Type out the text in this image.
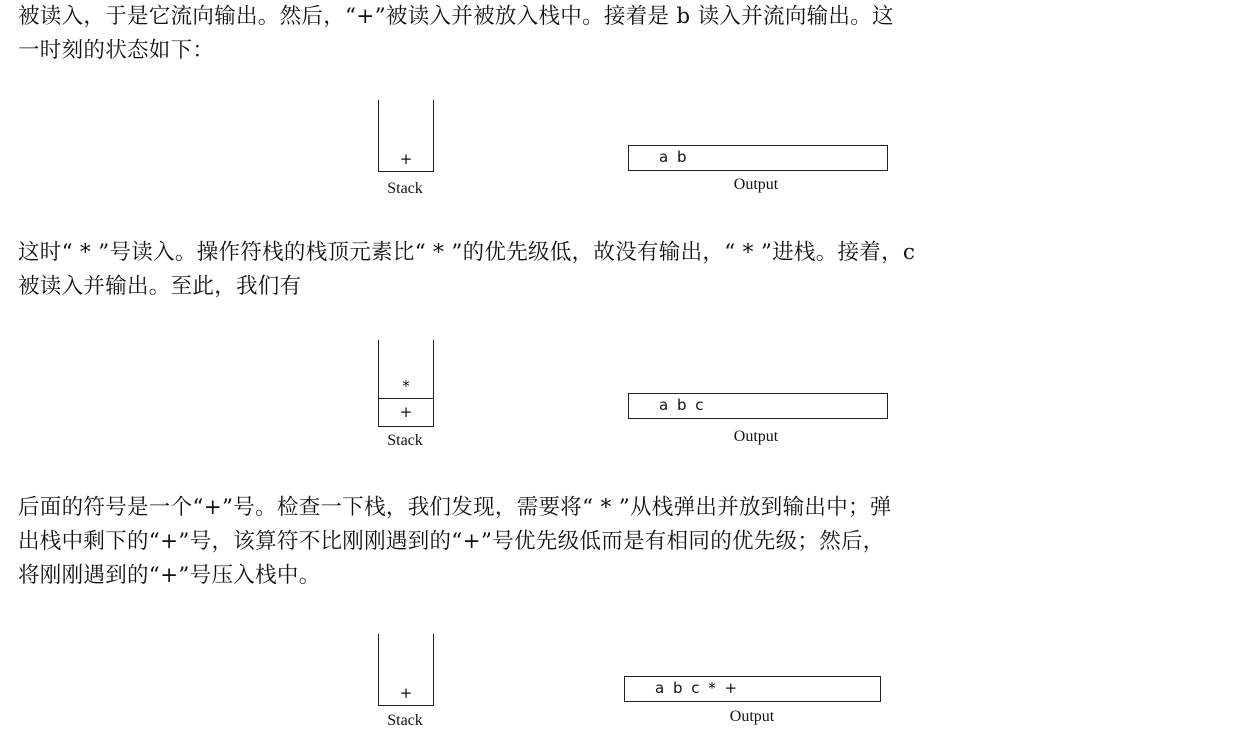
被读入，于是它流向输出。然后，“+”被读入并被放入栈中。接着是 b 读入并流向输出。这
一时刻的状态如下：
+
Stack
a b
Output
这时“ * ”号读入。操作符栈的栈顶元素比“ * ”的优先级低，故没有输出，“ * ”进栈。接着，c
被读入并输出。至此，我们有
*
+
Stack
a b c
Output
后面的符号是一个“+”号。检查一下栈，我们发现，需要将“ * ”从栈弹出并放到输出中；弹
出栈中剩下的“+”号，该算符不比刚刚遇到的“+”号优先级低而是有相同的优先级；然后，
将刚刚遇到的“+”号压入栈中。
+
Stack
a b c * +
Output
